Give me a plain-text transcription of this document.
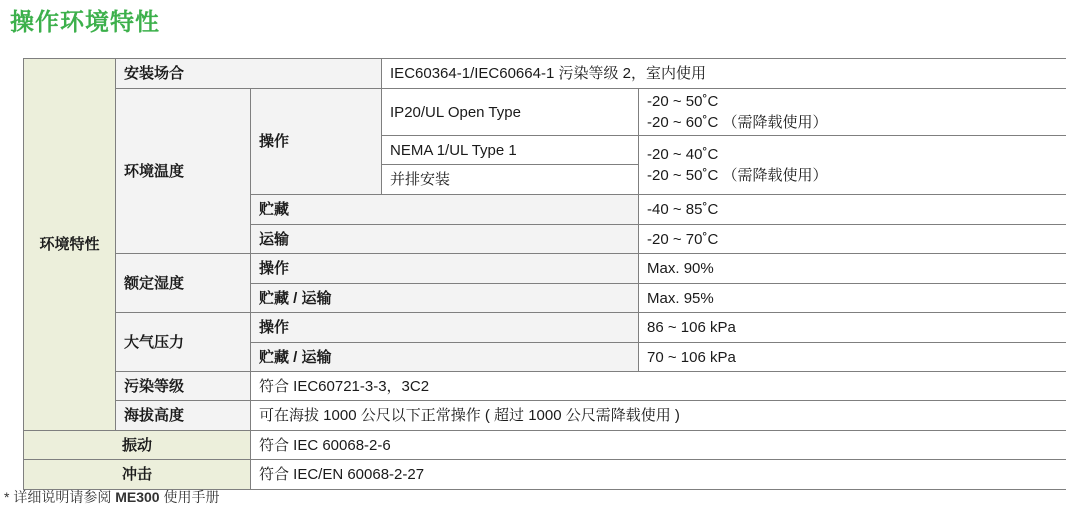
操作环境特性
环境特性	安装场合		IEC60364-1/IEC60664-1 污染等级 2，室内使用	
	环境温度	操作	IP20/UL Open Type	-20 ~ 50˚C
-20 ~ 60˚C （需降载使用）

			NEMA 1/UL Type 1	-20 ~ 40˚C
-20 ~ 50˚C （需降载使用）

			并排安装	
		贮藏		-40 ~ 85˚C
		运输		-20 ~ 70˚C
	额定湿度	操作		Max. 90%
		贮藏 / 运输		Max. 95%
	大气压力	操作		86 ~ 106 kPa
		贮藏 / 运输		70 ~ 106 kPa
	污染等级	符合 IEC60721-3-3，3C2		
	海拔高度	可在海拔 1000 公尺以下正常操作 ( 超过 1000 公尺需降载使用 )		
振动		符合 IEC 60068-2-6		
冲击		符合 IEC/EN 60068-2-27		
* 详细说明请参阅 ME300 使用手册
